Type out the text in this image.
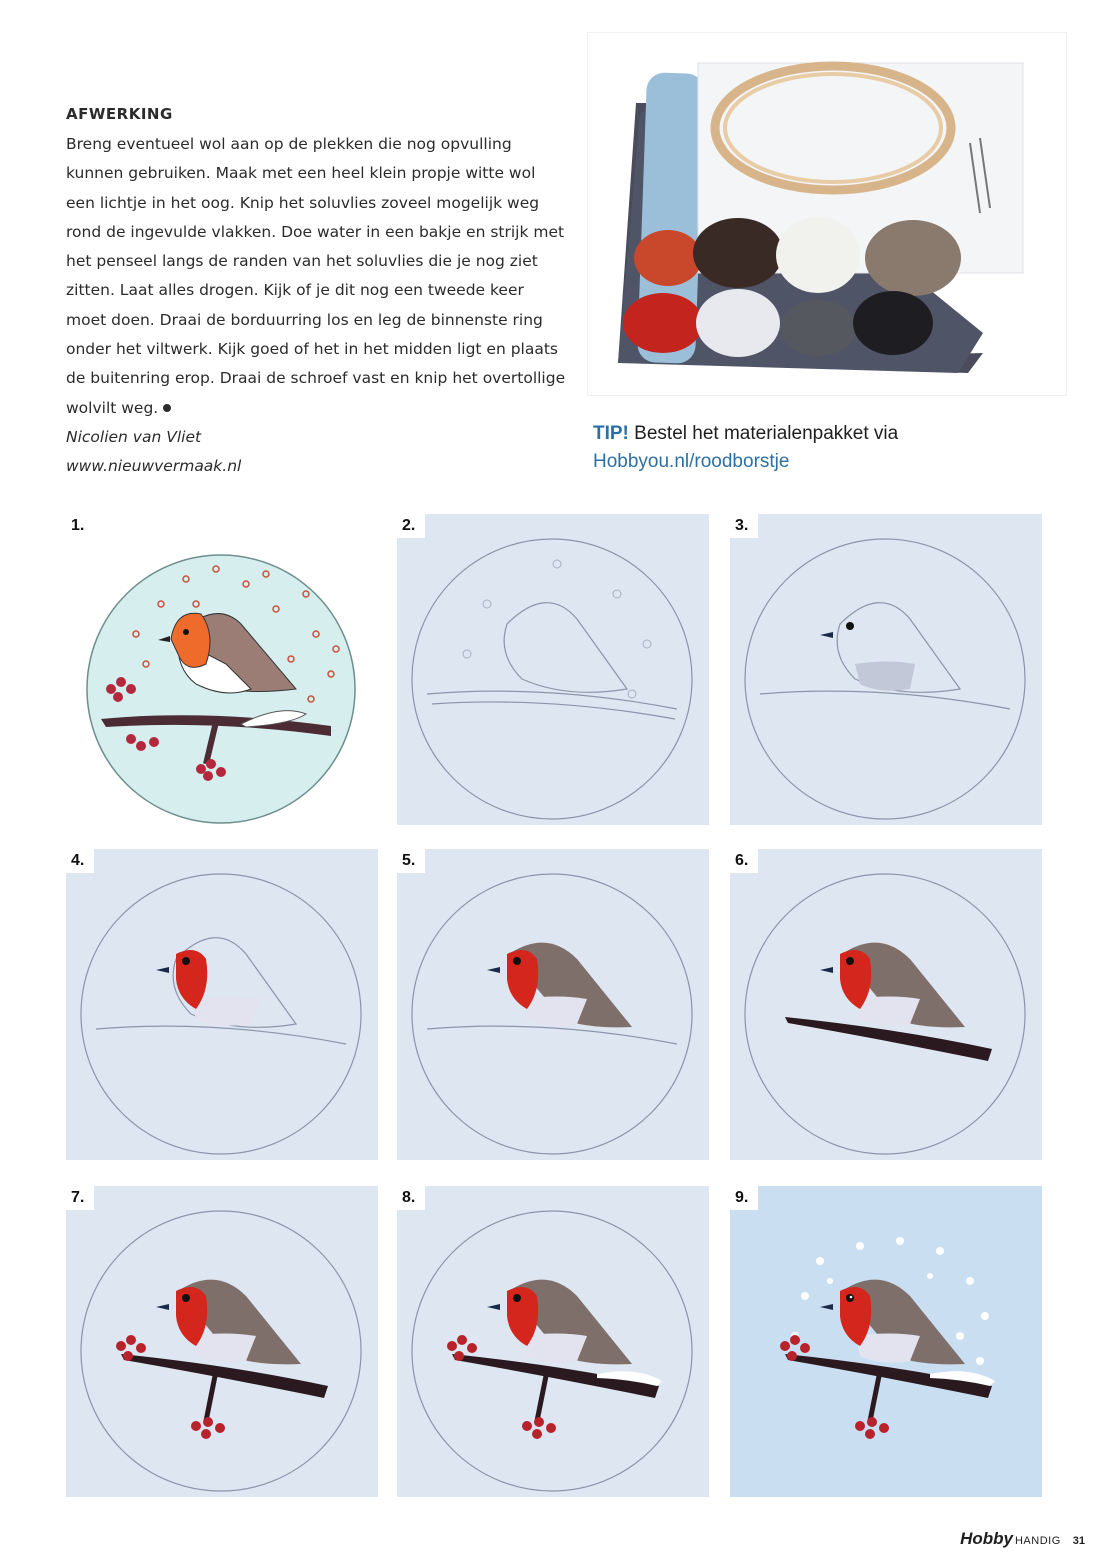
AFWERKING

Breng eventueel wol aan op de plekken die nog opvulling kunnen gebruiken. Maak met een heel klein propje witte wol een lichtje in het oog. Knip het soluvlies zoveel mogelijk weg rond de ingevulde vlakken. Doe water in een bakje en strijk met het penseel langs de randen van het soluvlies die je nog ziet zitten. Laat alles drogen. Kijk of je dit nog een tweede keer moet doen. Draai de borduurring los en leg de binnenste ring onder het viltwerk. Kijk goed of het in het midden ligt en plaats de buitenring erop. Draai de schroef vast en knip het overtollige wolvilt weg.

Nicolien van Vliet

www.nieuwvermaak.nl

TIP! Bestel het materialenpakket via
Hobbyou.nl/roodborstje
1.	2.	3.
4.	5.	6.
7.	8.	9.
Hobby HANDIG 31
